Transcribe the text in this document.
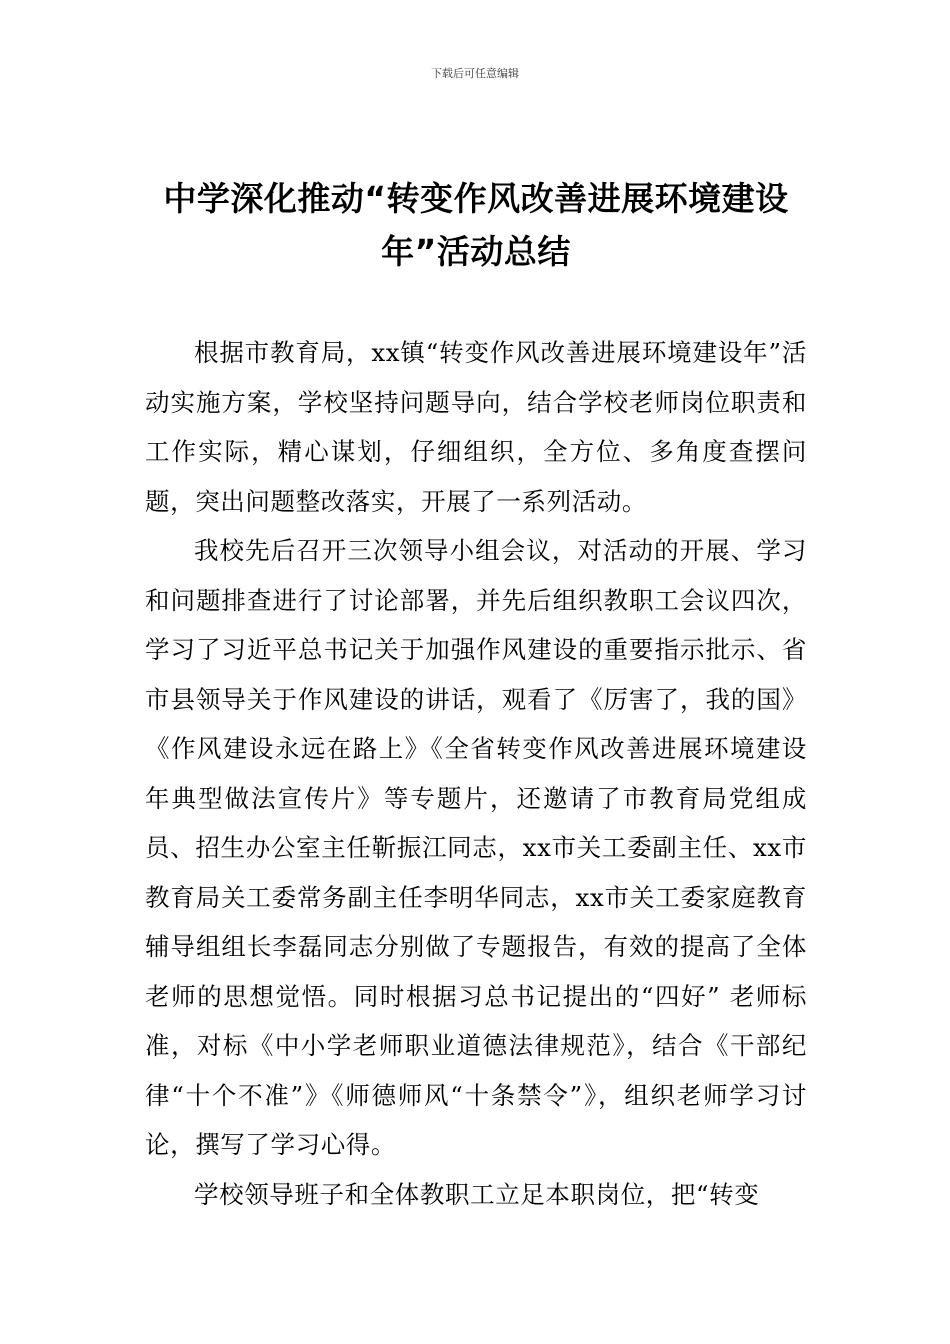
下载后可任意编辑
中学深化推动“转变作风改善进展环境建设年”活动总结

根据市教育局，xx镇“转变作风改善进展环境建设年”活动实施方案，学校坚持问题导向，结合学校老师岗位职责和工作实际，精心谋划，仔细组织，全方位、多角度查摆问题，突出问题整改落实，开展了一系列活动。

我校先后召开三次领导小组会议，对活动的开展、学习和问题排查进行了讨论部署，并先后组织教职工会议四次，学习了习近平总书记关于加强作风建设的重要指示批示、省市县领导关于作风建设的讲话，观看了《厉害了，我的国》《作风建设永远在路上》《全省转变作风改善进展环境建设年典型做法宣传片》等专题片，还邀请了市教育局党组成员、招生办公室主任靳振江同志，xx市关工委副主任、xx市教育局关工委常务副主任李明华同志，xx市关工委家庭教育辅导组组长李磊同志分别做了专题报告，有效的提高了全体老师的思想觉悟。同时根据习总书记提出的“四好” 老师标准，对标《中小学老师职业道德法律规范》，结合《干部纪 律“十个不准”》《师德师风“十条禁令”》，组织老师学习讨论，撰写了学习心得。

学校领导班子和全体教职工立足本职岗位，把“转变
